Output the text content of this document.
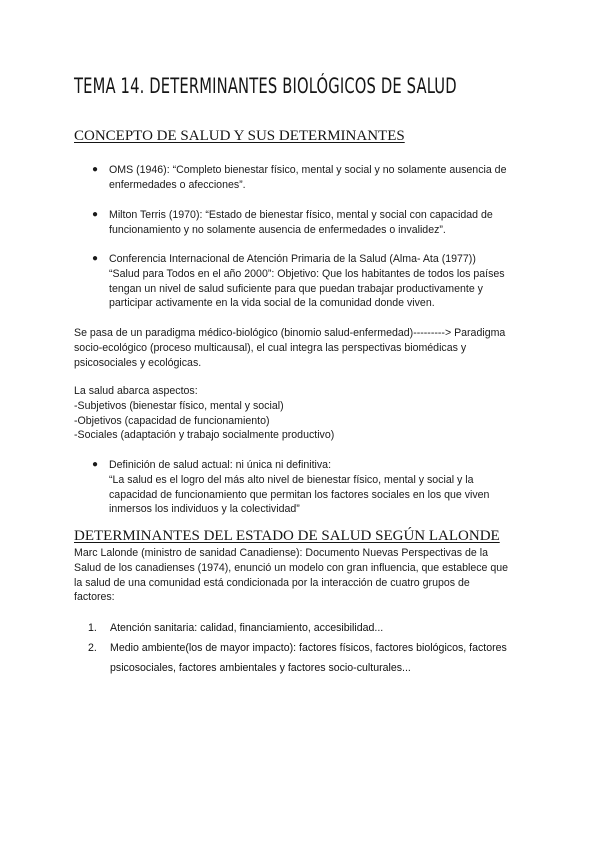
TEMA 14. DETERMINANTES BIOLÓGICOS DE SALUD
CONCEPTO DE SALUD Y SUS DETERMINANTES
● OMS (1946): “Completo bienestar físico, mental y social y no solamente ausencia de
enfermedades o afecciones”.
● Milton Terris (1970): “Estado de bienestar físico, mental y social con capacidad de
funcionamiento y no solamente ausencia de enfermedades o invalidez”.
● Conferencia Internacional de Atención Primaria de la Salud (Alma- Ata (1977))
“Salud para Todos en el año 2000”: Objetivo: Que los habitantes de todos los países
tengan un nivel de salud suficiente para que puedan trabajar productivamente y
participar activamente en la vida social de la comunidad donde viven.
Se pasa de un paradigma médico-biológico (binomio salud-enfermedad)---------> Paradigma
socio-ecológico (proceso multicausal), el cual integra las perspectivas biomédicas y
psicosociales y ecológicas.
La salud abarca aspectos:
-Subjetivos (bienestar físico, mental y social)
-Objetivos (capacidad de funcionamiento)
-Sociales (adaptación y trabajo socialmente productivo)
● Definición de salud actual: ni única ni definitiva:
“La salud es el logro del más alto nivel de bienestar físico, mental y social y la
capacidad de funcionamiento que permitan los factores sociales en los que viven
inmersos los individuos y la colectividad”
DETERMINANTES DEL ESTADO DE SALUD SEGÚN LALONDE
Marc Lalonde (ministro de sanidad Canadiense): Documento Nuevas Perspectivas de la
Salud de los canadienses (1974), enunció un modelo con gran influencia, que establece que
la salud de una comunidad está condicionada por la interacción de cuatro grupos de
factores:
1. Atención sanitaria: calidad, financiamiento, accesibilidad...
2. Medio ambiente(los de mayor impacto): factores físicos, factores biológicos, factores
psicosociales, factores ambientales y factores socio-culturales...
